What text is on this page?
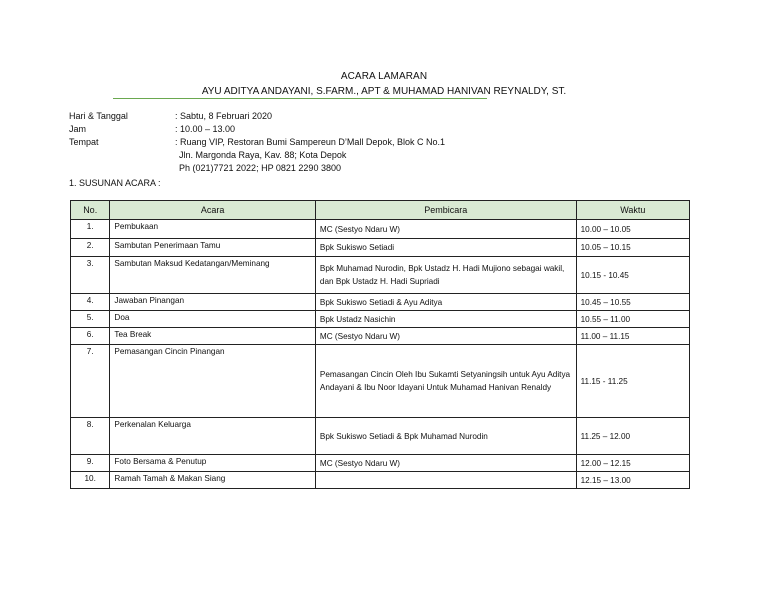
ACARA LAMARAN
AYU ADITYA ANDAYANI, S.FARM., APT & MUHAMAD HANIVAN REYNALDY, ST.
Hari & Tanggal	: Sabtu, 8 Februari 2020
Jam	: 10.00 – 13.00
Tempat	: Ruang VIP, Restoran Bumi Sampereun D’Mall Depok, Blok C No.1
Jln. Margonda Raya, Kav. 88; Kota Depok
Ph (021)7721 2022; HP 0821 2290 3800
1. SUSUNAN ACARA :
No.	Acara	Pembicara	Waktu
1.	Pembukaan	MC (Sestyo Ndaru W)	10.00 – 10.05
2.	Sambutan Penerimaan Tamu	Bpk Sukiswo Setiadi	10.05 – 10.15
3.	Sambutan Maksud Kedatangan/Meminang	Bpk Muhamad Nurodin, Bpk Ustadz H. Hadi Mujiono sebagai wakil, dan Bpk Ustadz H. Hadi Supriadi	10.15 - 10.45
4.	Jawaban Pinangan	Bpk Sukiswo Setiadi & Ayu Aditya	10.45 – 10.55
5.	Doa	Bpk Ustadz Nasichin	10.55 – 11.00
6.	Tea Break	MC (Sestyo Ndaru W)	11.00 – 11.15
7.	Pemasangan Cincin Pinangan	Pemasangan Cincin Oleh Ibu Sukamti Setyaningsih untuk Ayu Aditya Andayani & Ibu Noor Idayani Untuk Muhamad Hanivan Renaldy	11.15 - 11.25
8.	Perkenalan Keluarga	Bpk Sukiswo Setiadi & Bpk Muhamad Nurodin	11.25 – 12.00
9.	Foto Bersama & Penutup	MC (Sestyo Ndaru W)	12.00 – 12.15
10.	Ramah Tamah & Makan Siang		12.15 – 13.00
